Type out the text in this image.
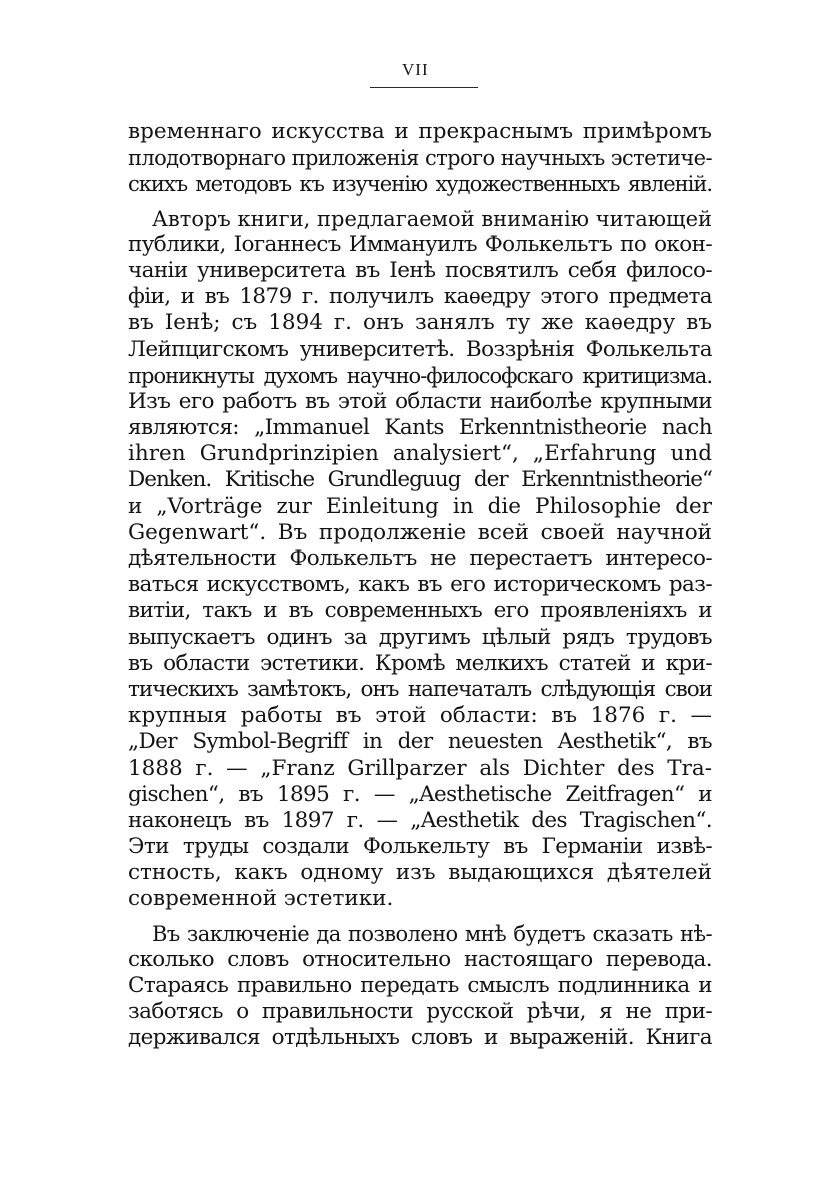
VII
временнаго искусства и прекраснымъ примѣромъ
плодотворнаго приложенія строго научныхъ эстетиче-
скихъ методовъ къ изученію художественныхъ явленій.
Авторъ книги, предлагаемой вниманію читающей
публики, Іоганнесъ Иммануилъ Фолькельтъ по окон-
чаніи университета въ Іенѣ посвятилъ себя филосо-
фіи, и въ 1879 г. получилъ каѳедру этого предмета
въ Іенѣ; съ 1894 г. онъ занялъ ту же каѳедру въ
Лейпцигскомъ университетѣ. Воззрѣнія Фолькельта
проникнуты духомъ научно-философскаго критицизма.
Изъ его работъ въ этой области наиболѣе крупными
являются: „Immanuel Kants Erkenntnistheorie nach
ihren Grundprinzipien analysiert“, „Erfahrung und
Denken. Kritische Grundleguug der Erkenntnistheorie“
и „Vorträge zur Einleitung in die Philosophie der
Gegenwart“. Въ продолженіе всей своей научной
дѣятельности Фолькельтъ не перестаетъ интересо-
ваться искусствомъ, какъ въ его историческомъ раз-
витіи, такъ и въ современныхъ его проявленіяхъ и
выпускаетъ одинъ за другимъ цѣлый рядъ трудовъ
въ области эстетики. Кромѣ мелкихъ статей и кри-
тическихъ замѣтокъ, онъ напечаталъ слѣдующія свои
крупныя работы въ этой области: въ 1876 г. —
„Der Symbol-Begriff in der neuesten Aesthetik“, въ
1888 г. — „Franz Grillparzer als Dichter des Tra-
gischen“, въ 1895 г. — „Aesthetische Zeitfragen“ и
наконецъ въ 1897 г. — „Aesthetik des Tragischen“.
Эти труды создали Фолькельту въ Германіи извѣ-
стность, какъ одному изъ выдающихся дѣятелей
современной эстетики.
Въ заключеніе да позволено мнѣ будетъ сказать нѣ-
сколько словъ относительно настоящаго перевода.
Стараясь правильно передать смыслъ подлинника и
заботясь о правильности русской рѣчи, я не при-
держивался отдѣльныхъ словъ и выраженій. Книга
